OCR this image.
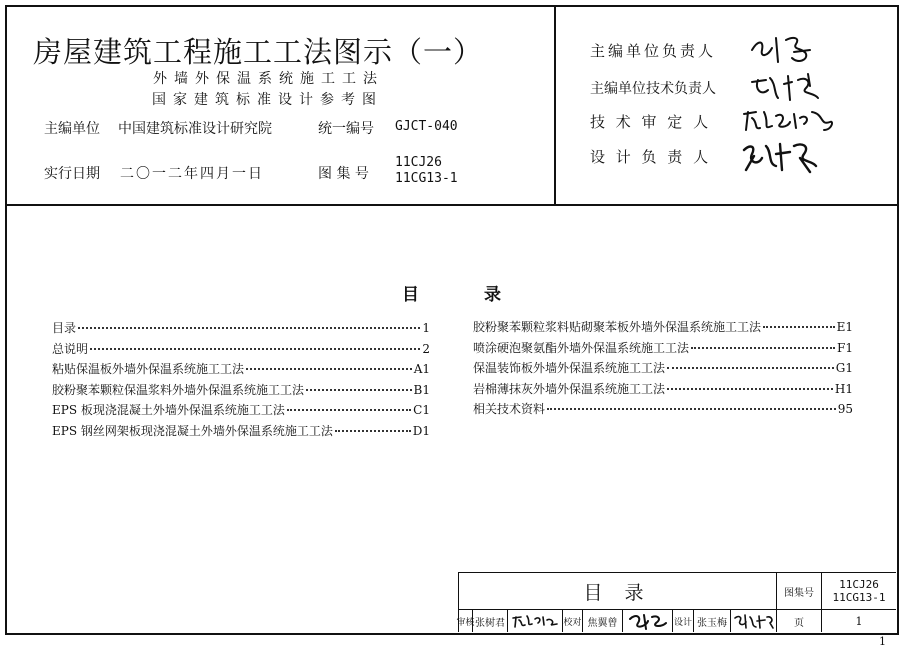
房屋建筑工程施工工法图示（一）
外墙外保温系统施工工法
国家建筑标准设计参考图
主编单位 中国建筑标准设计研究院	统一编号 GJCT-040
实行日期 二〇一二年四月一日	图 集 号
11CJ26
11CG13-1
主编单位负责人
主编单位技术负责人
技 术 审 定 人
设 计 负 责 人
目	录
目录	1
总说明	2
粘贴保温板外墙外保温系统施工工法	A1
胶粉聚苯颗粒保温浆料外墙外保温系统施工工法	B1
EPS 板现浇混凝土外墙外保温系统施工工法	C1
EPS 钢丝网架板现浇混凝土外墙外保温系统施工工法	D1
胶粉聚苯颗粒浆料贴砌聚苯板外墙外保温系统施工工法	E1
喷涂硬泡聚氨酯外墙外保温系统施工工法	F1
保温装饰板外墙外保温系统施工工法	G1
岩棉薄抹灰外墙外保温系统施工工法	H1
相关技术资料	95
目 录	图集号
11CJ26
11CG13-1
审核 张树君	校对 焦翼曾	设计 张玉梅	页	1
1
